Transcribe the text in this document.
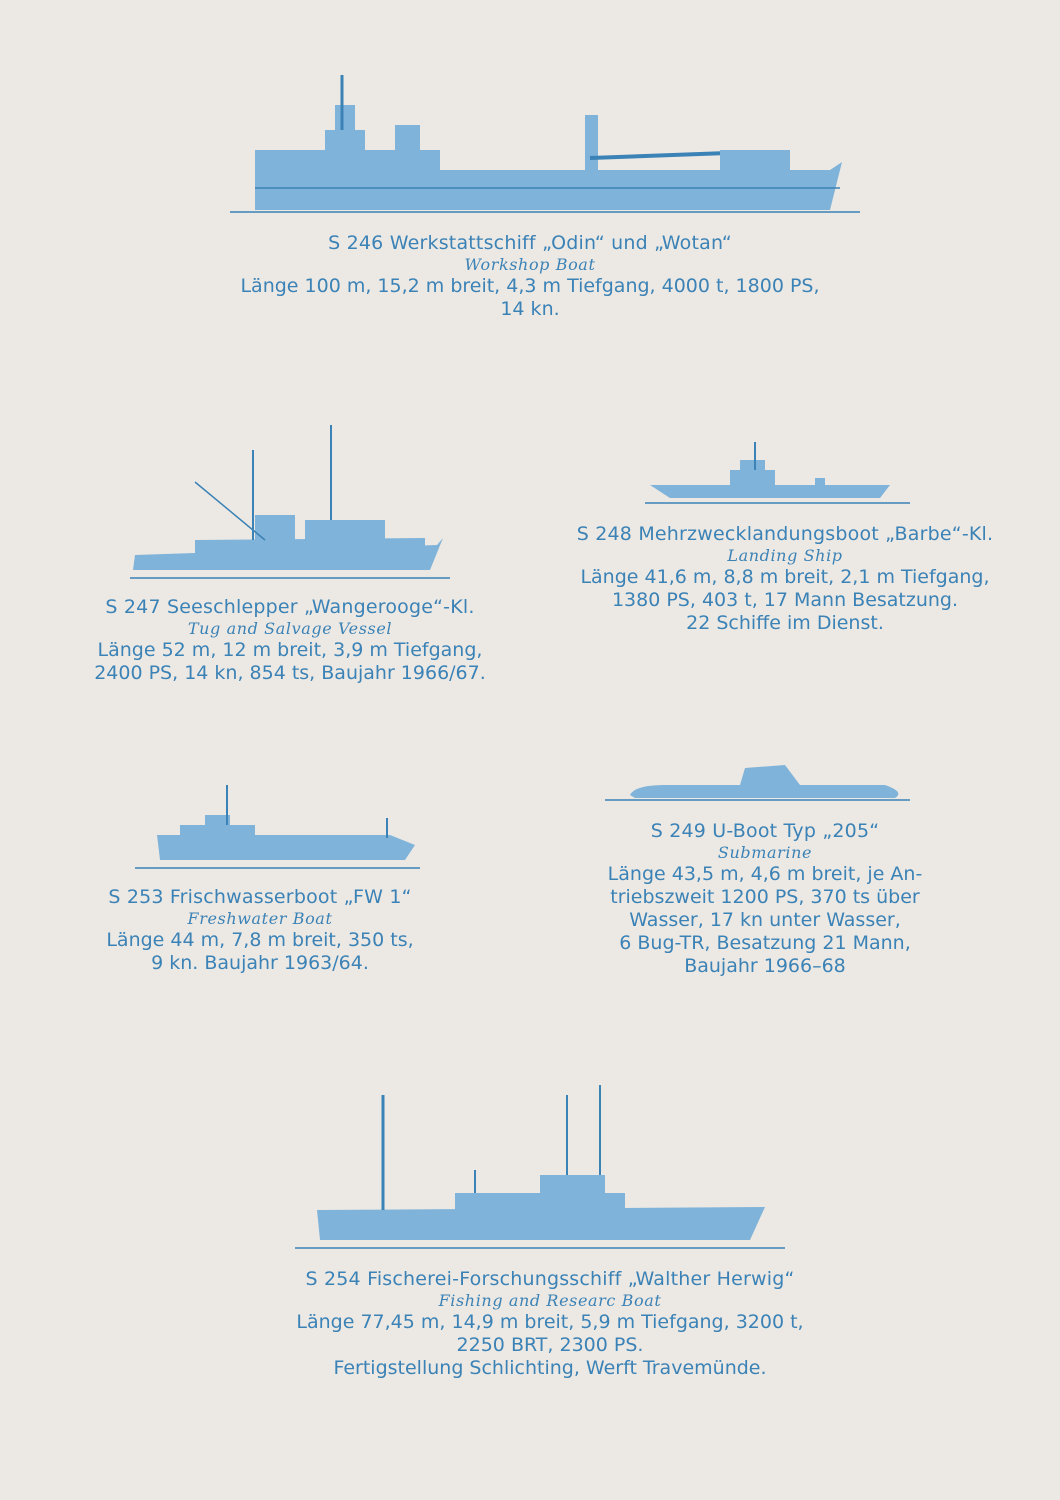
S 246 Werkstattschiff „Odin“ und „Wotan“
Workshop Boat
Länge 100 m, 15,2 m breit, 4,3 m Tiefgang, 4000 t, 1800 PS, 14 kn.
S 247 Seeschlepper „Wangerooge“-Kl.
Tug and Salvage Vessel
Länge 52 m, 12 m breit, 3,9 m Tiefgang,
2400 PS, 14 kn, 854 ts, Baujahr 1966/67.
S 248 Mehrzwecklandungsboot „Barbe“-Kl.
Landing Ship
Länge 41,6 m, 8,8 m breit, 2,1 m Tiefgang,
1380 PS, 403 t, 17 Mann Besatzung.
22 Schiffe im Dienst.
S 253 Frischwasserboot „FW 1“
Freshwater Boat
Länge 44 m, 7,8 m breit, 350 ts,
9 kn. Baujahr 1963/64.
S 249 U-Boot Typ „205“
Submarine
Länge 43,5 m, 4,6 m breit, je An-
triebszweit 1200 PS, 370 ts über
Wasser, 17 kn unter Wasser,
6 Bug-TR, Besatzung 21 Mann,
Baujahr 1966–68
S 254 Fischerei-Forschungsschiff „Walther Herwig“
Fishing and Researc Boat
Länge 77,45 m, 14,9 m breit, 5,9 m Tiefgang, 3200 t,
2250 BRT, 2300 PS.
Fertigstellung Schlichting, Werft Travemünde.
